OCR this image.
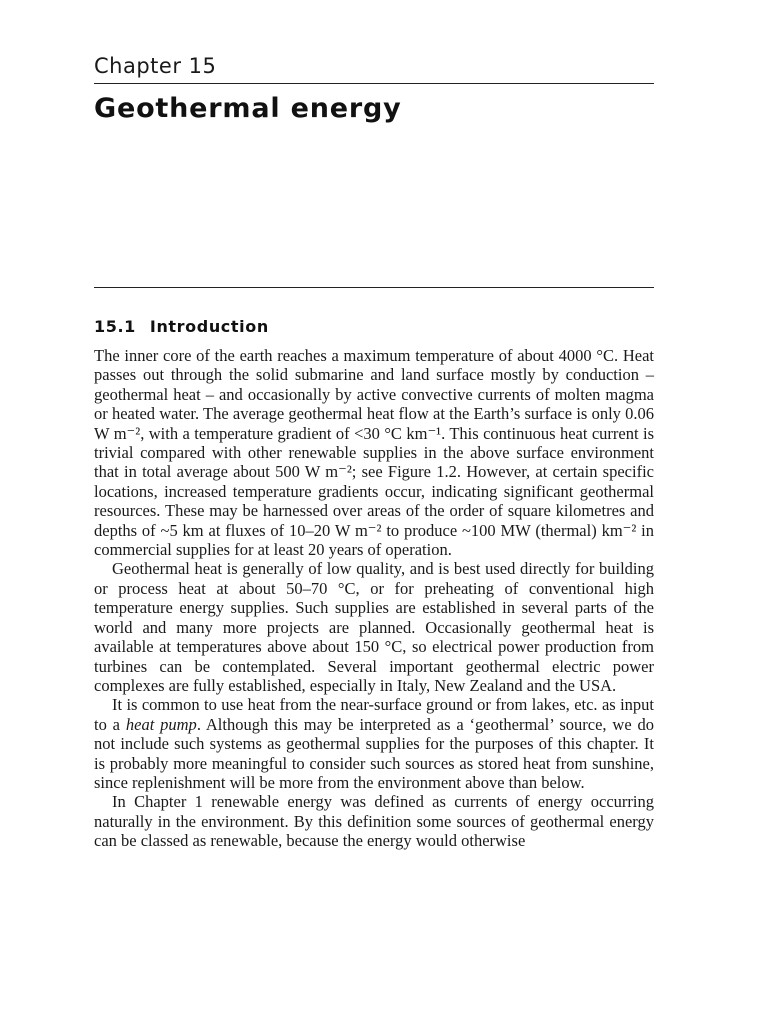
Chapter 15
Geothermal energy
15.1 Introduction

The inner core of the earth reaches a maximum temperature of about 4000 °C. Heat passes out through the solid submarine and land surface mostly by conduction – geothermal heat – and occasionally by active convective currents of molten magma or heated water. The average geothermal heat flow at the Earth’s surface is only 0.06 W m⁻², with a temperature gradient of <30 °C km⁻¹. This continuous heat current is trivial compared with other renewable supplies in the above surface environment that in total average about 500 W m⁻²; see Figure 1.2. However, at certain specific locations, increased temperature gradients occur, indicating significant geothermal resources. These may be harnessed over areas of the order of square kilometres and depths of ~5 km at fluxes of 10–20 W m⁻² to produce ~100 MW (thermal) km⁻² in commercial supplies for at least 20 years of operation.

Geothermal heat is generally of low quality, and is best used directly for building or process heat at about 50–70 °C, or for preheating of conventional high temperature energy supplies. Such supplies are established in several parts of the world and many more projects are planned. Occasionally geothermal heat is available at temperatures above about 150 °C, so electrical power production from turbines can be contemplated. Several important geothermal electric power complexes are fully established, especially in Italy, New Zealand and the USA.

It is common to use heat from the near-surface ground or from lakes, etc. as input to a heat pump. Although this may be interpreted as a ‘geothermal’ source, we do not include such systems as geothermal supplies for the purposes of this chapter. It is probably more meaningful to consider such sources as stored heat from sunshine, since replenishment will be more from the environment above than below.

In Chapter 1 renewable energy was defined as currents of energy occurring naturally in the environment. By this definition some sources of geothermal energy can be classed as renewable, because the energy would otherwise
